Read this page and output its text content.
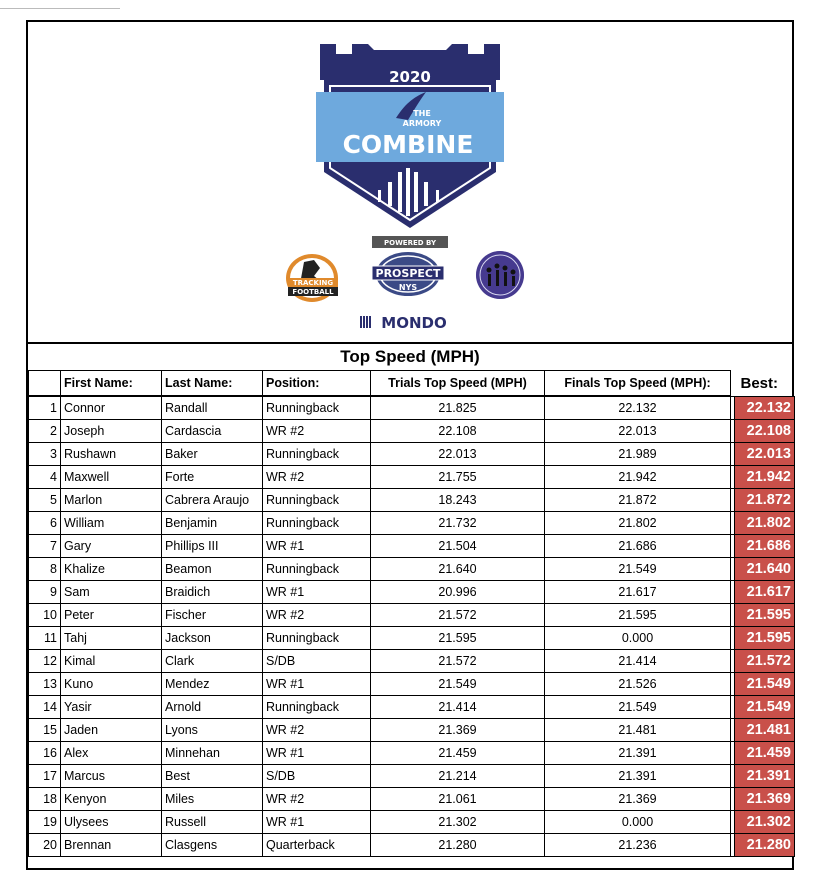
2020
THE
ARMORY
COMBINE
POWERED BY
TRACKING
FOOTBALL
PROSPECT
NYS
MONDO
Top Speed (MPH)
	First Name:	Last Name:	Position:	Trials Top Speed (MPH)	Finals Top Speed (MPH):		Best:
1	Connor	Randall	Runningback	21.825	22.132		22.132
2	Joseph	Cardascia	WR #2	22.108	22.013		22.108
3	Rushawn	Baker	Runningback	22.013	21.989		22.013
4	Maxwell	Forte	WR #2	21.755	21.942		21.942
5	Marlon	Cabrera Araujo	Runningback	18.243	21.872		21.872
6	William	Benjamin	Runningback	21.732	21.802		21.802
7	Gary	Phillips III	WR #1	21.504	21.686		21.686
8	Khalize	Beamon	Runningback	21.640	21.549		21.640
9	Sam	Braidich	WR #1	20.996	21.617		21.617
10	Peter	Fischer	WR #2	21.572	21.595		21.595
11	Tahj	Jackson	Runningback	21.595	0.000		21.595
12	Kimal	Clark	S/DB	21.572	21.414		21.572
13	Kuno	Mendez	WR #1	21.549	21.526		21.549
14	Yasir	Arnold	Runningback	21.414	21.549		21.549
15	Jaden	Lyons	WR #2	21.369	21.481		21.481
16	Alex	Minnehan	WR #1	21.459	21.391		21.459
17	Marcus	Best	S/DB	21.214	21.391		21.391
18	Kenyon	Miles	WR #2	21.061	21.369		21.369
19	Ulysees	Russell	WR #1	21.302	0.000		21.302
20	Brennan	Clasgens	Quarterback	21.280	21.236		21.280
